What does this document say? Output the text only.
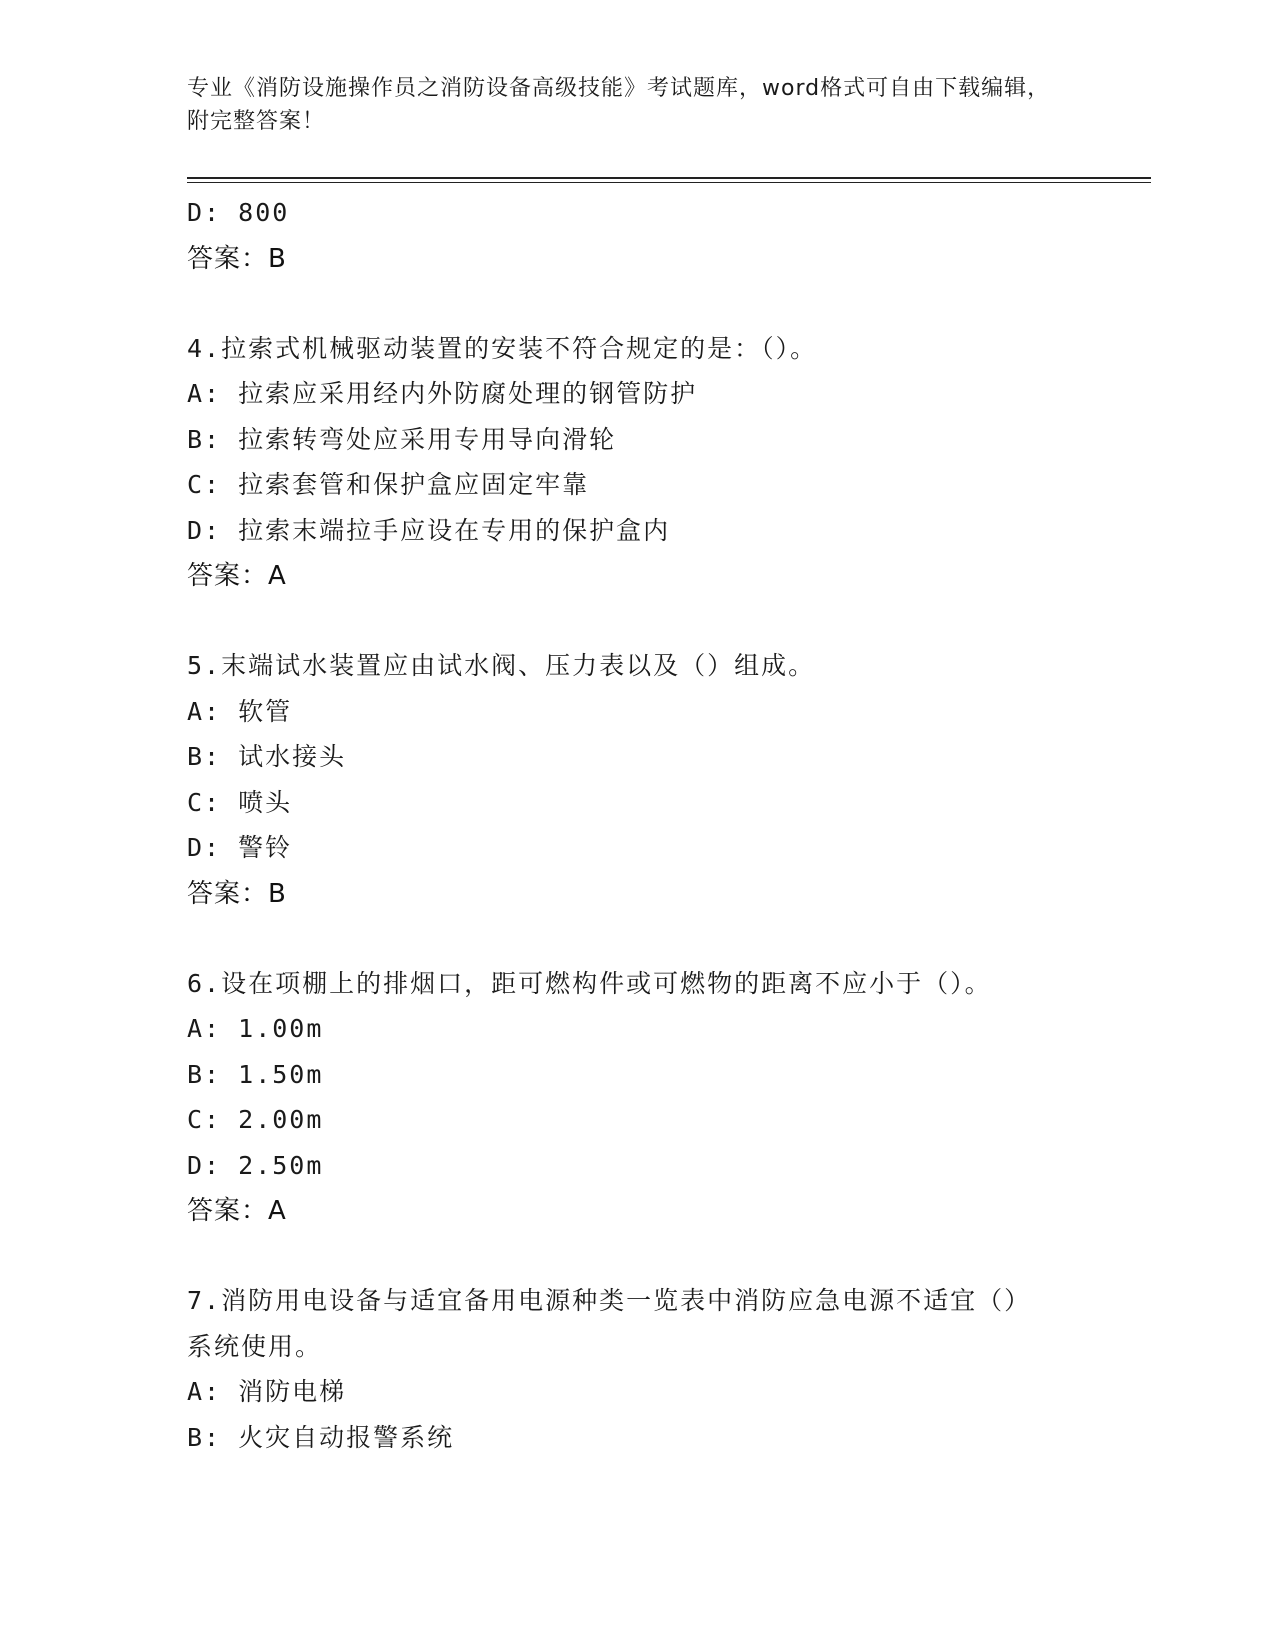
专业《消防设施操作员之消防设备高级技能》考试题库，word格式可自由下载编辑，附完整答案！
D: 800
答案：B
4.拉索式机械驱动装置的安装不符合规定的是：（）。
A: 拉索应采用经内外防腐处理的钢管防护
B: 拉索转弯处应采用专用导向滑轮
C: 拉索套管和保护盒应固定牢靠
D: 拉索末端拉手应设在专用的保护盒内
答案：A
5.末端试水装置应由试水阀、压力表以及（）组成。
A: 软管
B: 试水接头
C: 喷头
D: 警铃
答案：B
6.设在项棚上的排烟口，距可燃构件或可燃物的距离不应小于（）。
A: 1.00m
B: 1.50m
C: 2.00m
D: 2.50m
答案：A
7.消防用电设备与适宜备用电源种类一览表中消防应急电源不适宜（）系统使用。
A: 消防电梯
B: 火灾自动报警系统
